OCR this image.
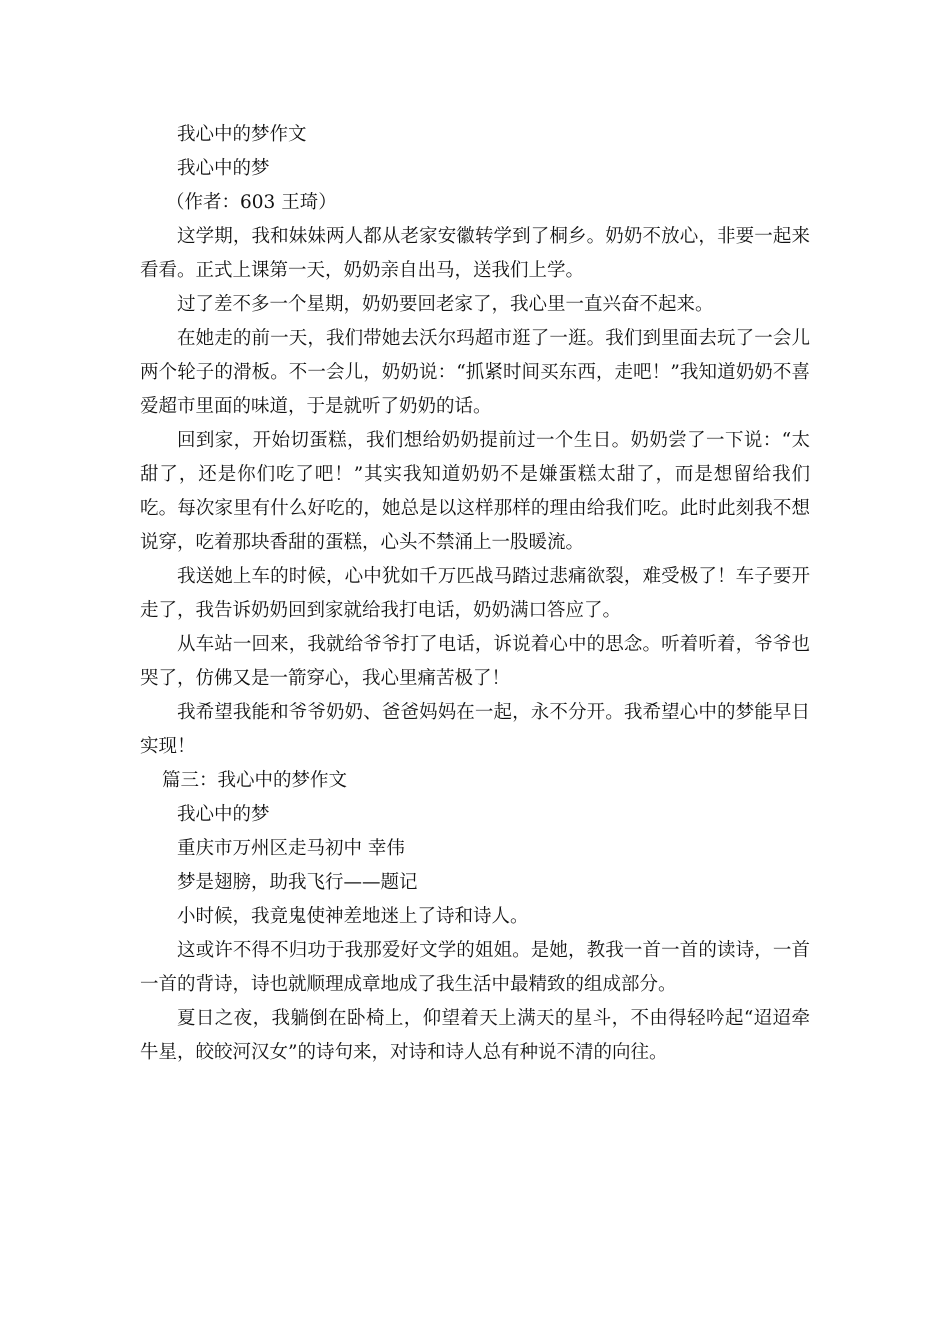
我心中的梦作文

我心中的梦

（作者：603 王琦）

这学期，我和妹妹两人都从老家安徽转学到了桐乡。奶奶不放心，非要一起来看看。正式上课第一天，奶奶亲自出马，送我们上学。

过了差不多一个星期，奶奶要回老家了，我心里一直兴奋不起来。

在她走的前一天，我们带她去沃尔玛超市逛了一逛。我们到里面去玩了一会儿两个轮子的滑板。不一会儿，奶奶说：“抓紧时间买东西，走吧！”我知道奶奶不喜爱超市里面的味道，于是就听了奶奶的话。

回到家，开始切蛋糕，我们想给奶奶提前过一个生日。奶奶尝了一下说：“太甜了，还是你们吃了吧！”其实我知道奶奶不是嫌蛋糕太甜了，而是想留给我们吃。每次家里有什么好吃的，她总是以这样那样的理由给我们吃。此时此刻我不想说穿，吃着那块香甜的蛋糕，心头不禁涌上一股暖流。

我送她上车的时候，心中犹如千万匹战马踏过悲痛欲裂，难受极了！车子要开走了，我告诉奶奶回到家就给我打电话，奶奶满口答应了。

从车站一回来，我就给爷爷打了电话，诉说着心中的思念。听着听着，爷爷也哭了，仿佛又是一箭穿心，我心里痛苦极了！

我希望我能和爷爷奶奶、爸爸妈妈在一起，永不分开。我希望心中的梦能早日实现！

篇三：我心中的梦作文

我心中的梦

重庆市万州区走马初中 幸伟

梦是翅膀，助我飞行——题记

小时候，我竟鬼使神差地迷上了诗和诗人。

这或许不得不归功于我那爱好文学的姐姐。是她，教我一首一首的读诗，一首一首的背诗，诗也就顺理成章地成了我生活中最精致的组成部分。

夏日之夜，我躺倒在卧椅上，仰望着天上满天的星斗，不由得轻吟起“迢迢牵牛星，皎皎河汉女”的诗句来，对诗和诗人总有种说不清的向往。
